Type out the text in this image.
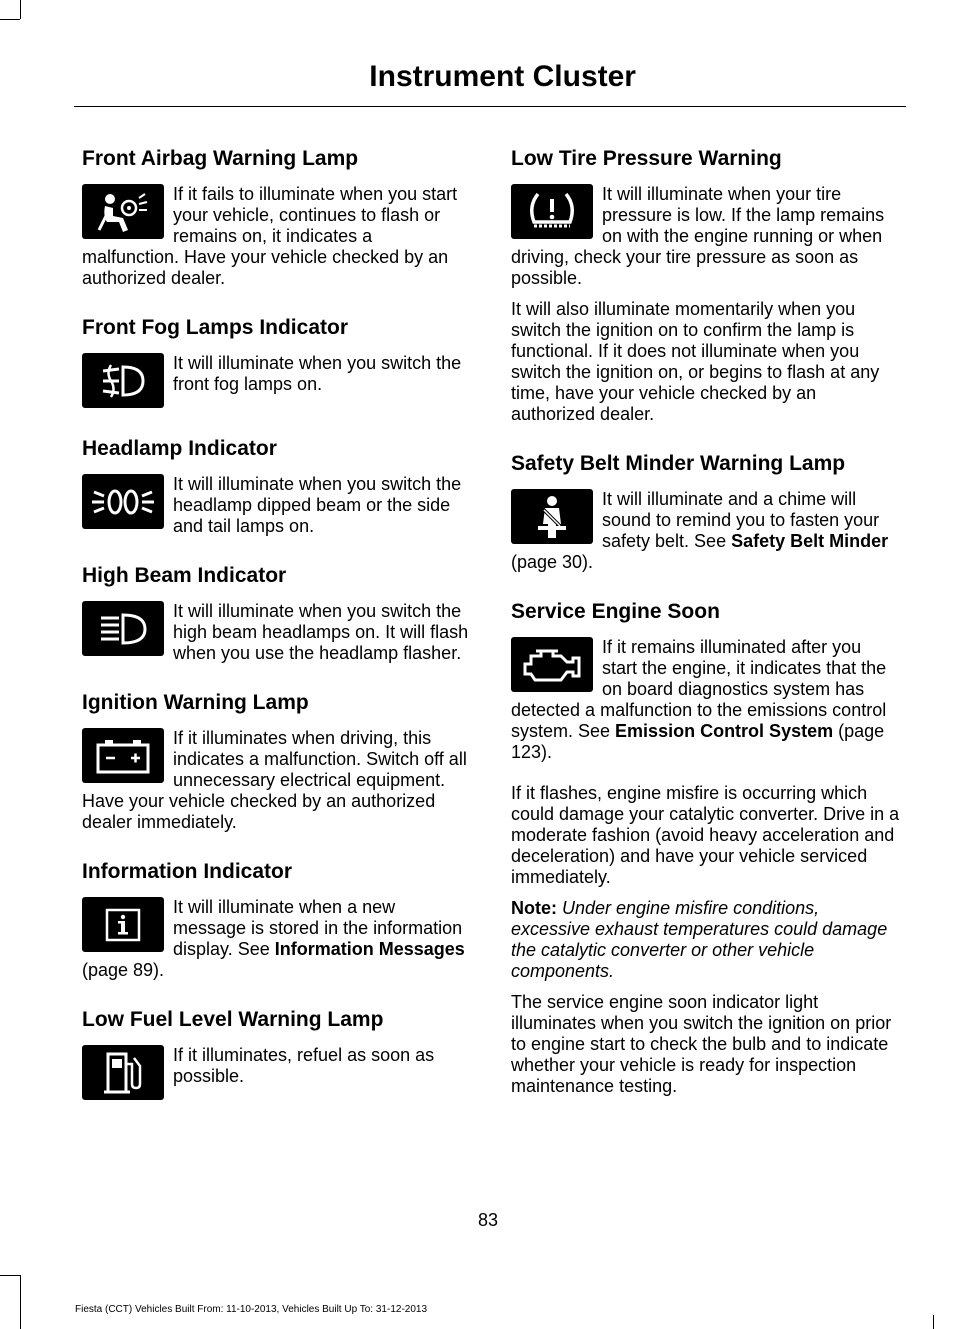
Instrument Cluster
Front Airbag Warning Lamp
If it fails to illuminate when you start your vehicle, continues to flash or remains on, it indicates a malfunction. Have your vehicle checked by an authorized dealer.
Front Fog Lamps Indicator
It will illuminate when you switch the front fog lamps on.
Headlamp Indicator
It will illuminate when you switch the headlamp dipped beam or the side and tail lamps on.
High Beam Indicator
It will illuminate when you switch the high beam headlamps on. It will flash when you use the headlamp flasher.
Ignition Warning Lamp
If it illuminates when driving, this indicates a malfunction. Switch off all unnecessary electrical equipment. Have your vehicle checked by an authorized dealer immediately.
Information Indicator
It will illuminate when a new message is stored in the information display. See Information Messages (page 89).
Low Fuel Level Warning Lamp
If it illuminates, refuel as soon as possible.
Low Tire Pressure Warning
It will illuminate when your tire pressure is low. If the lamp remains on with the engine running or when driving, check your tire pressure as soon as possible.

It will also illuminate momentarily when you switch the ignition on to confirm the lamp is functional. If it does not illuminate when you switch the ignition on, or begins to flash at any time, have your vehicle checked by an authorized dealer.

Safety Belt Minder Warning Lamp
It will illuminate and a chime will sound to remind you to fasten your safety belt. See Safety Belt Minder (page 30).
Service Engine Soon
If it remains illuminated after you start the engine, it indicates that the on board diagnostics system has detected a malfunction to the emissions control system. See Emission Control System (page 123).

If it flashes, engine misfire is occurring which could damage your catalytic converter. Drive in a moderate fashion (avoid heavy acceleration and deceleration) and have your vehicle serviced immediately.

Note: Under engine misfire conditions, excessive exhaust temperatures could damage the catalytic converter or other vehicle components.

The service engine soon indicator light illuminates when you switch the ignition on prior to engine start to check the bulb and to indicate whether your vehicle is ready for inspection maintenance testing.

83
Fiesta (CCT) Vehicles Built From: 11-10-2013, Vehicles Built Up To: 31-12-2013
